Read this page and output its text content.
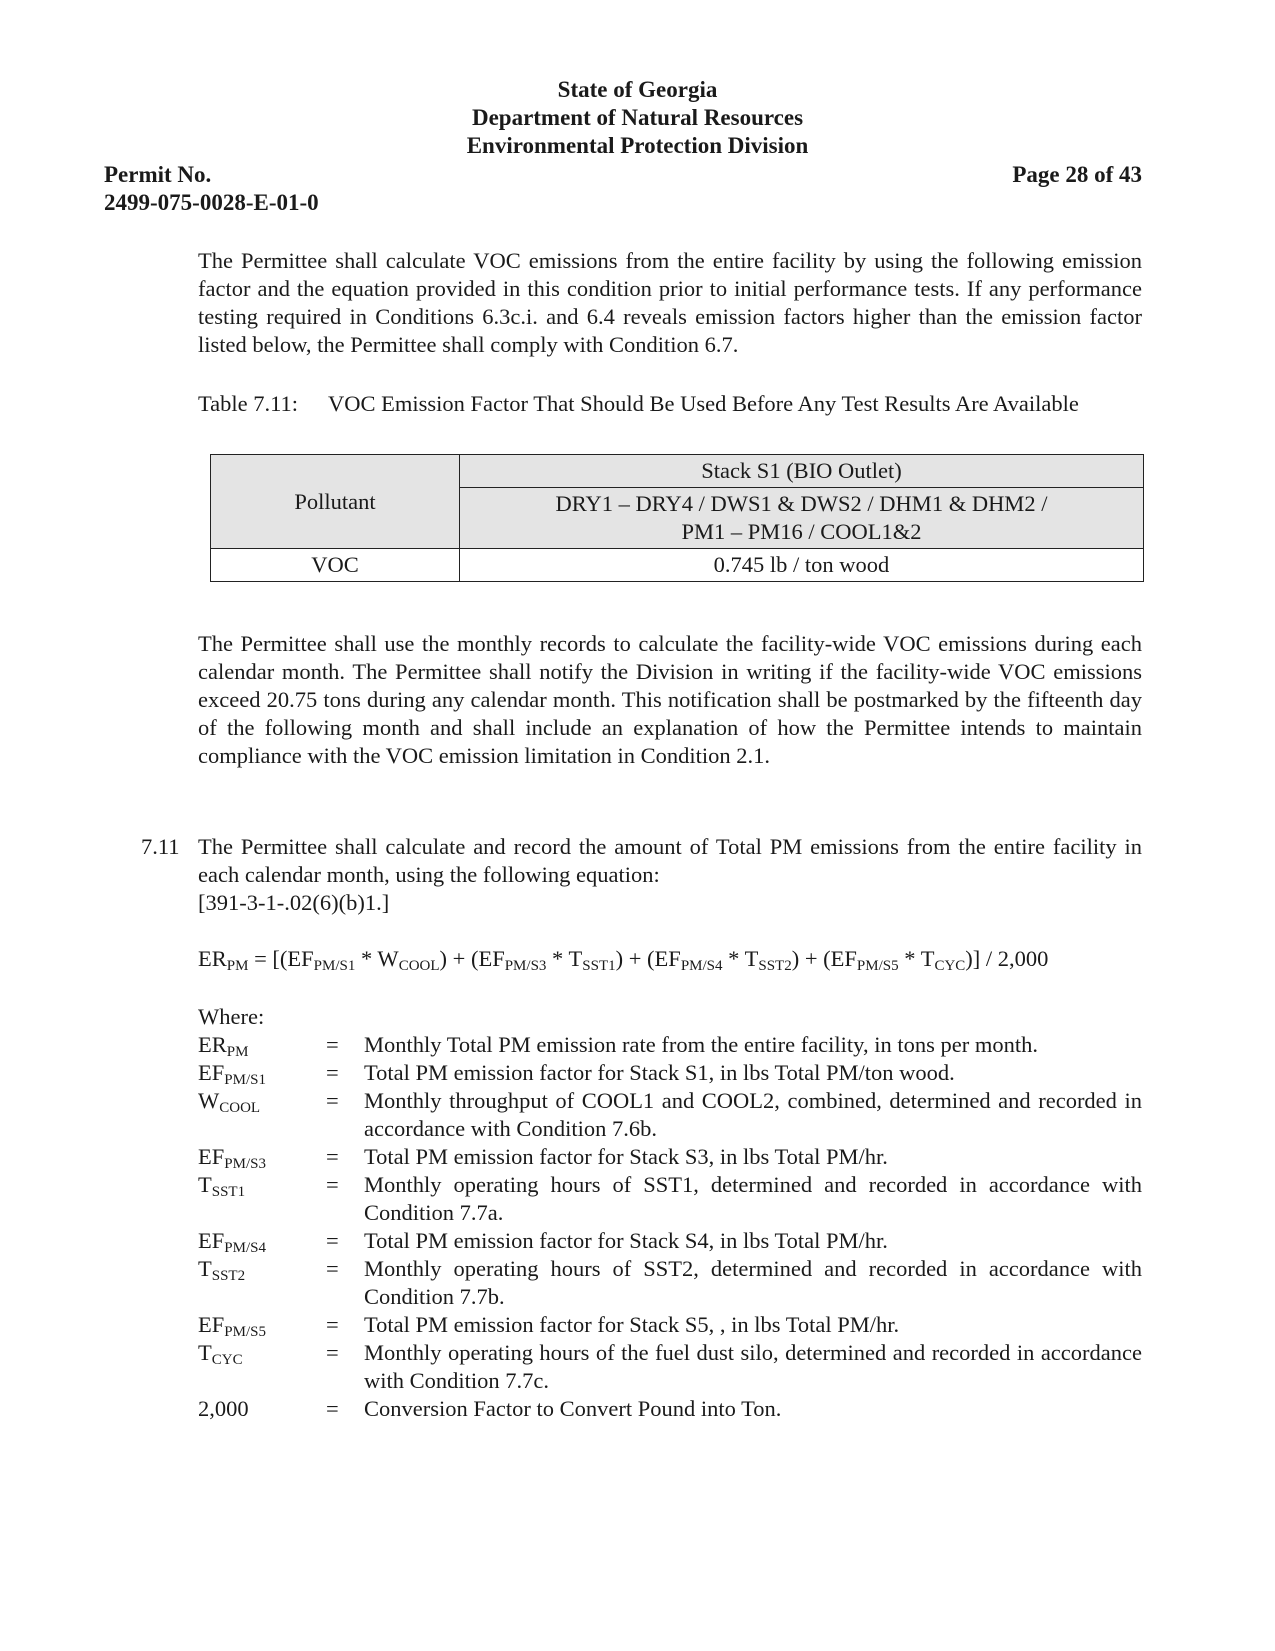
State of Georgia
Department of Natural Resources
Environmental Protection Division
Permit No.
2499-075-0028-E-01-0
Page 28 of 43
The Permittee shall calculate VOC emissions from the entire facility by using the following emission factor and the equation provided in this condition prior to initial performance tests. If any performance testing required in Conditions 6.3c.i. and 6.4 reveals emission factors higher than the emission factor listed below, the Permittee shall comply with Condition 6.7.
Table 7.11:	VOC Emission Factor That Should Be Used Before Any Test Results Are Available
Pollutant	Stack S1 (BIO Outlet)

	DRY1 – DRY4 / DWS1 & DWS2 / DHM1 & DHM2 /
PM1 – PM16 / COOL1&2

VOC	0.745 lb / ton wood
The Permittee shall use the monthly records to calculate the facility-wide VOC emissions during each calendar month. The Permittee shall notify the Division in writing if the facility-wide VOC emissions exceed 20.75 tons during any calendar month. This notification shall be postmarked by the fifteenth day of the following month and shall include an explanation of how the Permittee intends to maintain compliance with the VOC emission limitation in Condition 2.1.
7.11 The Permittee shall calculate and record the amount of Total PM emissions from the entire facility in each calendar month, using the following equation:
[391-3-1-.02(6)(b)1.]
$ER_{PM} = [(EF_{PM/S1} * W_{COOL}) + (EF_{PM/S3} * T_{SST1}) + (EF_{PM/S4} * T_{SST2}) + (EF_{PM/S5} * T_{CYC})] / 2,000$
Where:
$ER_{PM}$	= Monthly Total PM emission rate from the entire facility, in tons per month.
$EF_{PM/S1}$	= Total PM emission factor for Stack S1, in lbs Total PM/ton wood.
$W_{COOL}$	= Monthly throughput of COOL1 and COOL2, combined, determined and recorded in accordance with Condition 7.6b.
$EF_{PM/S3}$	= Total PM emission factor for Stack S3, in lbs Total PM/hr.
$T_{SST1}$	= Monthly operating hours of SST1, determined and recorded in accordance with Condition 7.7a.
$EF_{PM/S4}$	= Total PM emission factor for Stack S4, in lbs Total PM/hr.
$T_{SST2}$	= Monthly operating hours of SST2, determined and recorded in accordance with Condition 7.7b.
$EF_{PM/S5}$	= Total PM emission factor for Stack S5, , in lbs Total PM/hr.
$T_{CYC}$	= Monthly operating hours of the fuel dust silo, determined and recorded in accordance with Condition 7.7c.
2,000	= Conversion Factor to Convert Pound into Ton.
